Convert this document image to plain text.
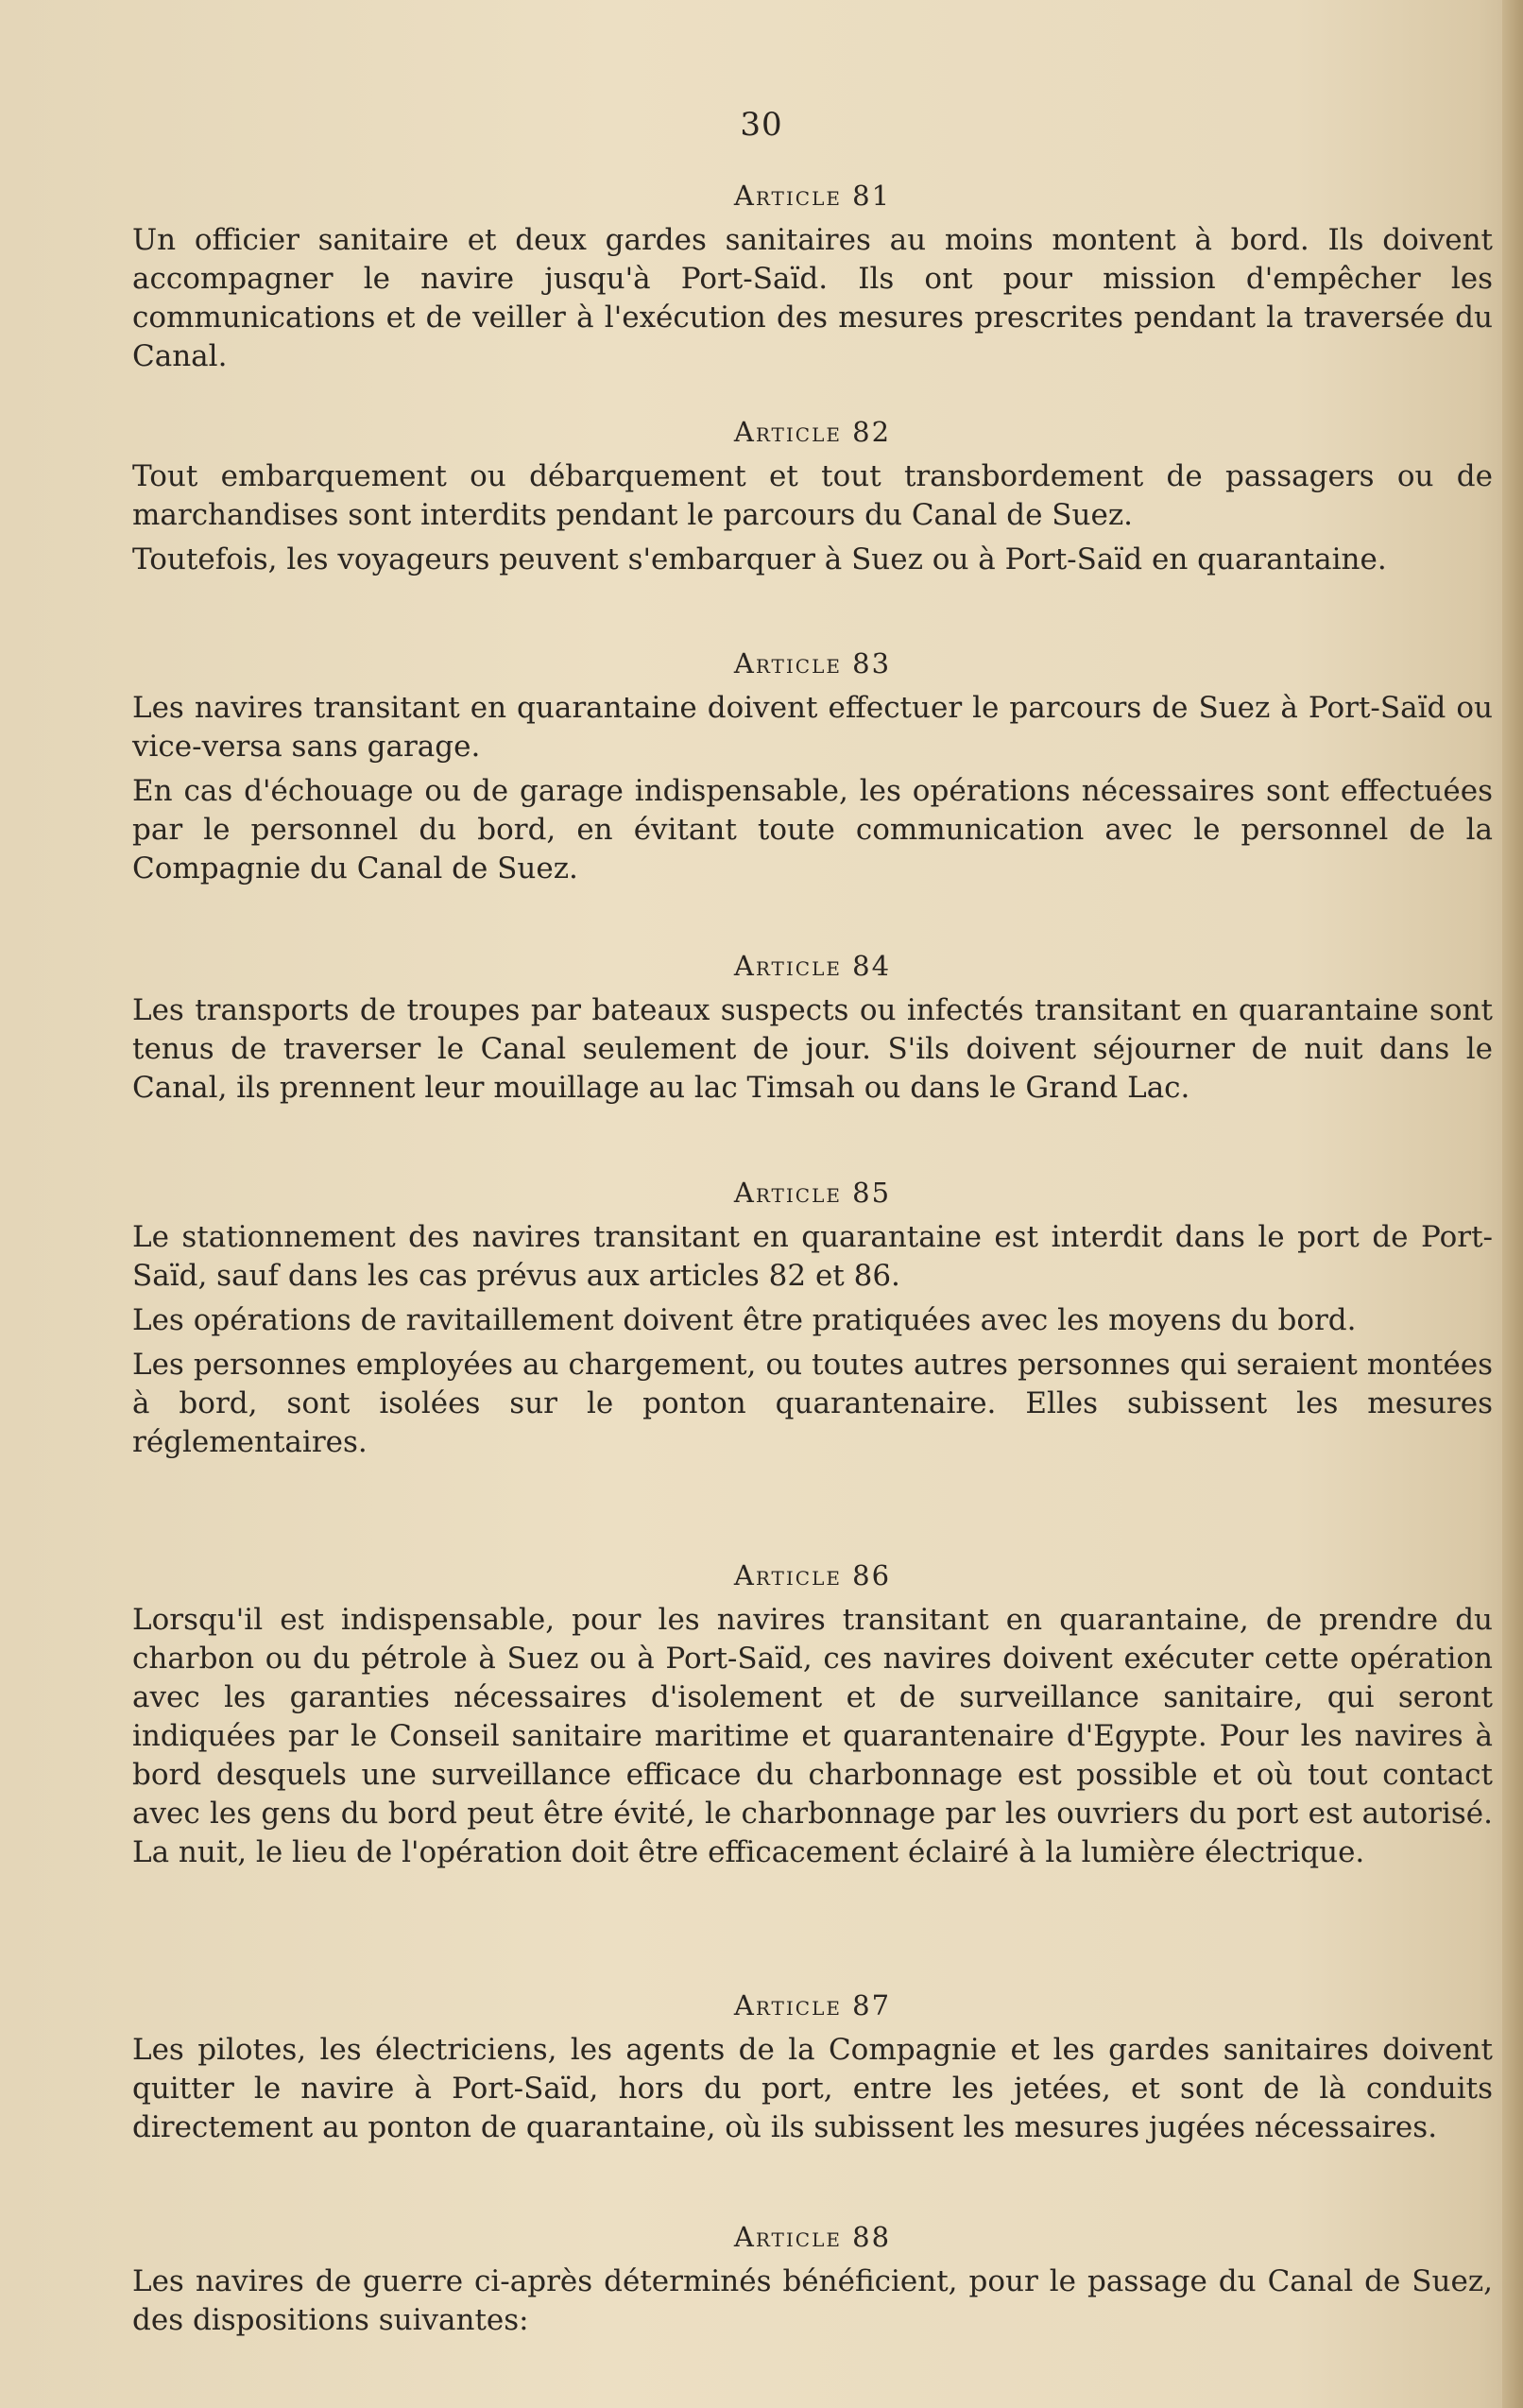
30
Article 81

Un officier sanitaire et deux gardes sanitaires au moins montent à bord. Ils doivent accompagner le navire jusqu'à Port-Saïd. Ils ont pour mission d'empêcher les communications et de veiller à l'exécution des mesures prescrites pendant la traversée du Canal.

Article 82

Tout embarquement ou débarquement et tout transbordement de passagers ou de marchandises sont interdits pendant le parcours du Canal de Suez.

Toutefois, les voyageurs peuvent s'embarquer à Suez ou à Port-Saïd en quarantaine.

Article 83

Les navires transitant en quarantaine doivent effectuer le parcours de Suez à Port-Saïd ou vice-versa sans garage.

En cas d'échouage ou de garage indispensable, les opérations nécessaires sont effectuées par le personnel du bord, en évitant toute communication avec le personnel de la Compagnie du Canal de Suez.

Article 84

Les transports de troupes par bateaux suspects ou infectés transitant en quarantaine sont tenus de traverser le Canal seulement de jour. S'ils doivent séjourner de nuit dans le Canal, ils prennent leur mouillage au lac Timsah ou dans le Grand Lac.

Article 85

Le stationnement des navires transitant en quarantaine est interdit dans le port de Port-Saïd, sauf dans les cas prévus aux articles 82 et 86.

Les opérations de ravitaillement doivent être pratiquées avec les moyens du bord.

Les personnes employées au chargement, ou toutes autres personnes qui seraient montées à bord, sont isolées sur le ponton quarantenaire. Elles subissent les mesures réglementaires.

Article 86

Lorsqu'il est indispensable, pour les navires transitant en quarantaine, de prendre du charbon ou du pétrole à Suez ou à Port-Saïd, ces navires doivent exécuter cette opération avec les garanties nécessaires d'isolement et de surveillance sanitaire, qui seront indiquées par le Conseil sanitaire maritime et quarantenaire d'Egypte. Pour les navires à bord desquels une surveillance efficace du charbonnage est possible et où tout contact avec les gens du bord peut être évité, le charbonnage par les ouvriers du port est autorisé. La nuit, le lieu de l'opération doit être efficacement éclairé à la lumière électrique.

Article 87

Les pilotes, les électriciens, les agents de la Compagnie et les gardes sanitaires doivent quitter le navire à Port-Saïd, hors du port, entre les jetées, et sont de là conduits directement au ponton de quarantaine, où ils subissent les mesures jugées nécessaires.

Article 88

Les navires de guerre ci-après déterminés bénéficient, pour le passage du Canal de Suez, des dispositions suivantes:
